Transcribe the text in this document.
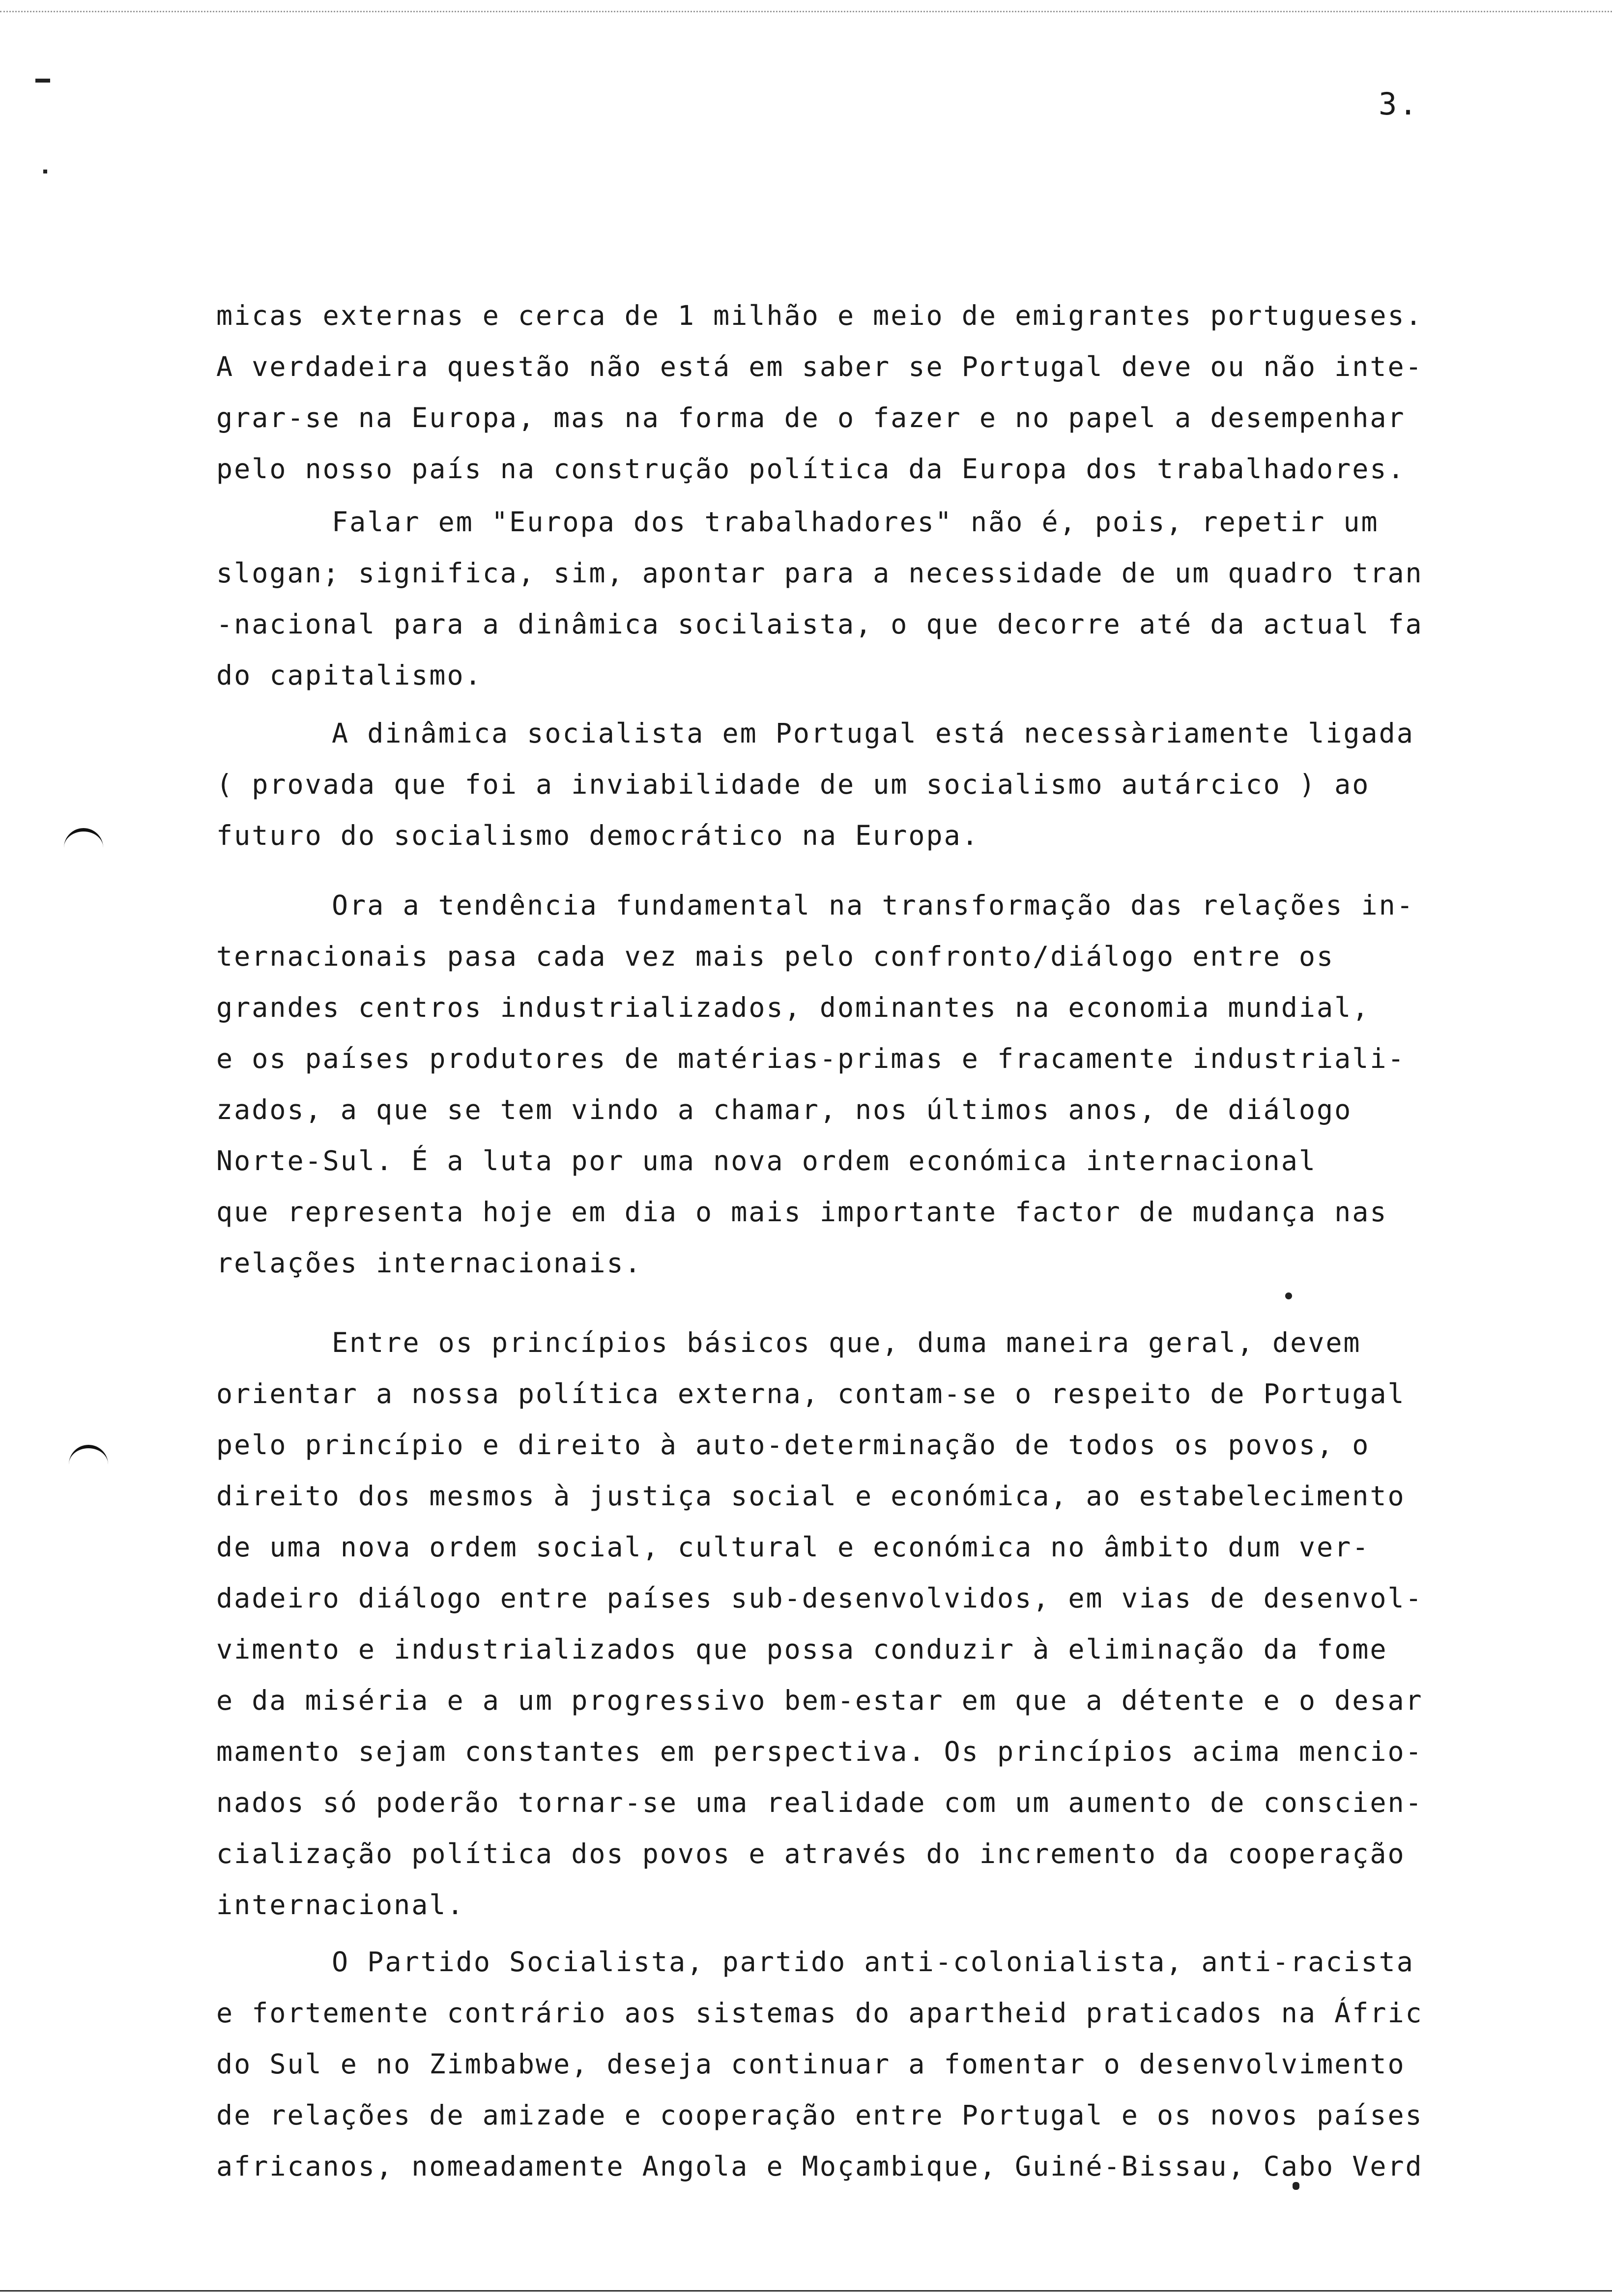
3.
micas externas e cerca de 1 milhão e meio de emigrantes portugueses.
A verdadeira questão não está em saber se Portugal deve ou não inte-
grar-se na Europa, mas na forma de o fazer e no papel a desempenhar
pelo nosso país na construção política da Europa dos trabalhadores.
Falar em "Europa dos trabalhadores" não é, pois, repetir um
slogan; significa, sim, apontar para a necessidade de um quadro tran
-nacional para a dinâmica socilaista, o que decorre até da actual fa
do capitalismo.
A dinâmica socialista em Portugal está necessàriamente ligada
( provada que foi a inviabilidade de um socialismo autárcico ) ao
futuro do socialismo democrático na Europa.
Ora a tendência fundamental na transformação das relações in-
ternacionais pasa cada vez mais pelo confronto/diálogo entre os
grandes centros industrializados, dominantes na economia mundial,
e os países produtores de matérias-primas e fracamente industriali-
zados, a que se tem vindo a chamar, nos últimos anos, de diálogo
Norte-Sul. É a luta por uma nova ordem económica internacional
que representa hoje em dia o mais importante factor de mudança nas
relações internacionais.
Entre os princípios básicos que, duma maneira geral, devem
orientar a nossa política externa, contam-se o respeito de Portugal
pelo princípio e direito à auto-determinação de todos os povos, o
direito dos mesmos à justiça social e económica, ao estabelecimento
de uma nova ordem social, cultural e económica no âmbito dum ver-
dadeiro diálogo entre países sub-desenvolvidos, em vias de desenvol-
vimento e industrializados que possa conduzir à eliminação da fome
e da miséria e a um progressivo bem-estar em que a détente e o desar
mamento sejam constantes em perspectiva. Os princípios acima mencio-
nados só poderão tornar-se uma realidade com um aumento de conscien-
cialização política dos povos e através do incremento da cooperação
internacional.
O Partido Socialista, partido anti-colonialista, anti-racista
e fortemente contrário aos sistemas do apartheid praticados na Áfric
do Sul e no Zimbabwe, deseja continuar a fomentar o desenvolvimento
de relações de amizade e cooperação entre Portugal e os novos países
africanos, nomeadamente Angola e Moçambique, Guiné-Bissau, Cabo Verd
